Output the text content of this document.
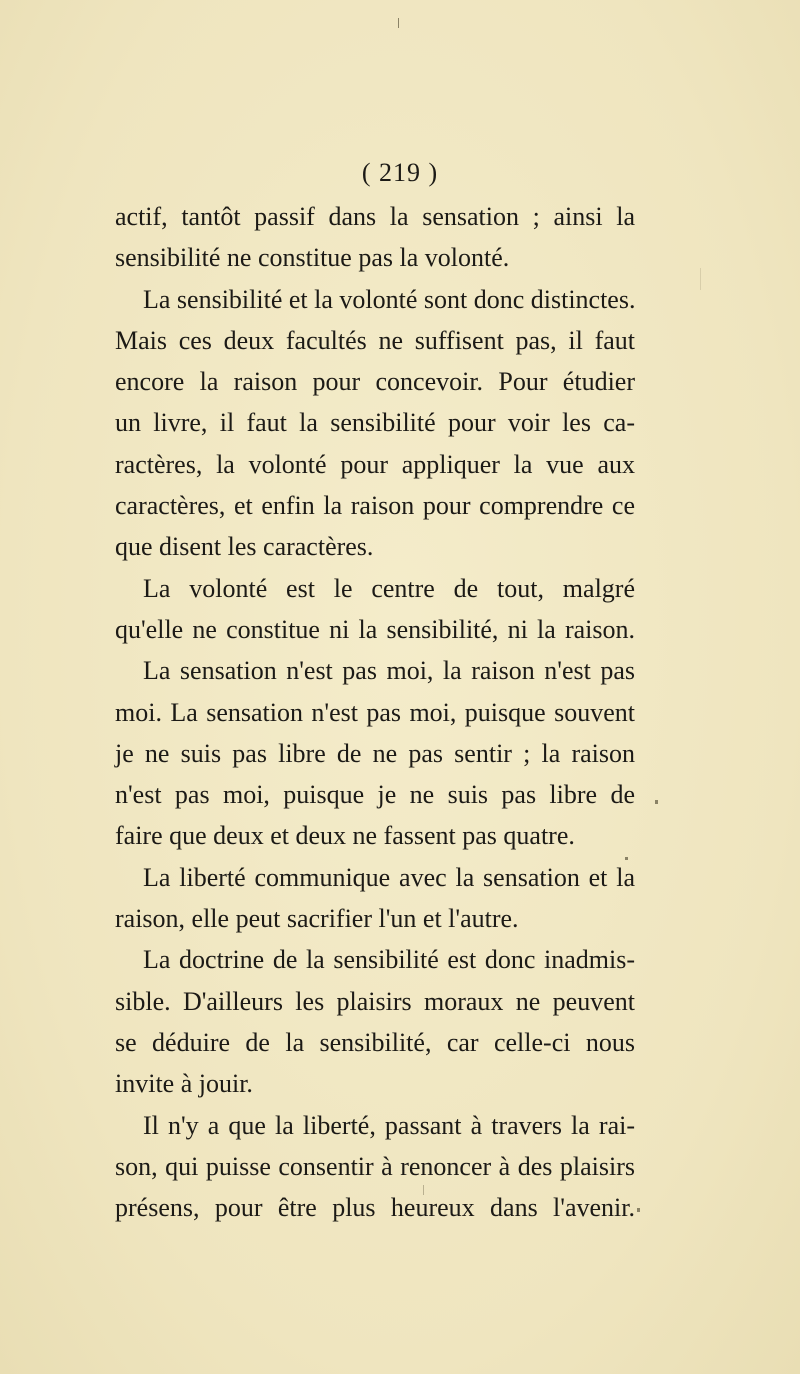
( 219 )
actif, tantôt passif dans la sensation ; ainsi la
sensibilité ne constitue pas la volonté.
La sensibilité et la volonté sont donc distinctes.
Mais ces deux facultés ne suffisent pas, il faut
encore la raison pour concevoir. Pour étudier
un livre, il faut la sensibilité pour voir les ca-
ractères, la volonté pour appliquer la vue aux
caractères, et enfin la raison pour comprendre ce
que disent les caractères.
La volonté est le centre de tout, malgré
qu'elle ne constitue ni la sensibilité, ni la raison.
La sensation n'est pas moi, la raison n'est pas
moi. La sensation n'est pas moi, puisque souvent
je ne suis pas libre de ne pas sentir ; la raison
n'est pas moi, puisque je ne suis pas libre de
faire que deux et deux ne fassent pas quatre.
La liberté communique avec la sensation et la
raison, elle peut sacrifier l'un et l'autre.
La doctrine de la sensibilité est donc inadmis-
sible. D'ailleurs les plaisirs moraux ne peuvent
se déduire de la sensibilité, car celle-ci nous
invite à jouir.
Il n'y a que la liberté, passant à travers la rai-
son, qui puisse consentir à renoncer à des plaisirs
présens, pour être plus heureux dans l'avenir.
